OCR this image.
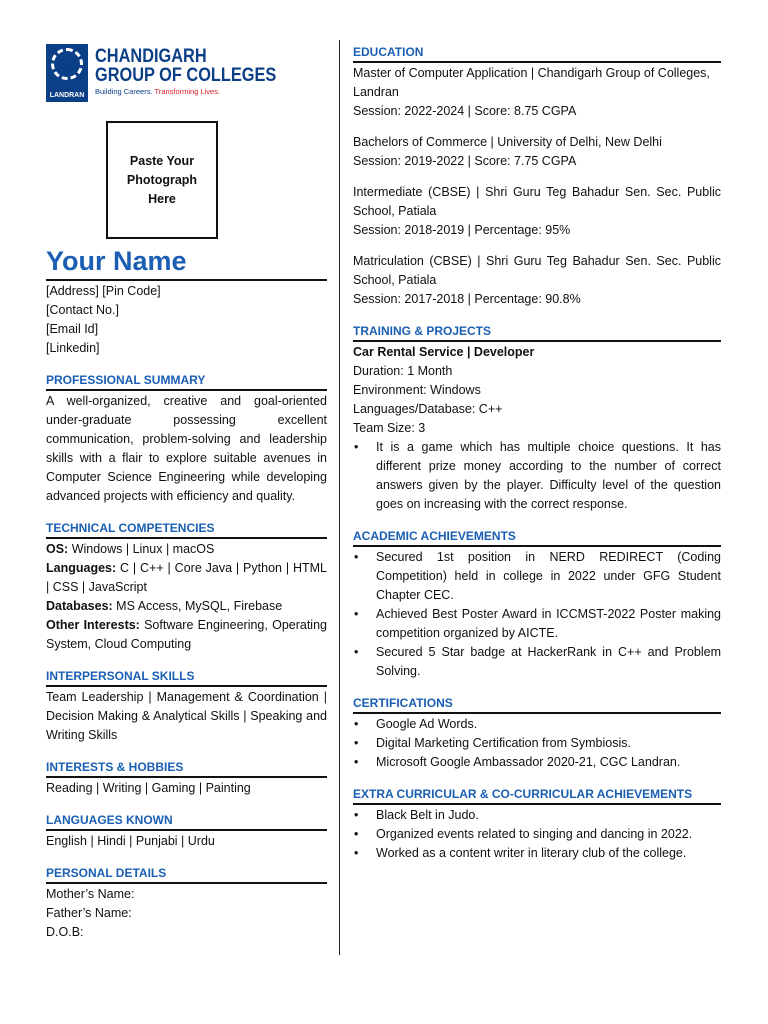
CGC
LANDRAN
CHANDIGARH
GROUP OF COLLEGES
Building Careers. Transforming Lives.
Paste Your
Photograph
Here
Your Name
[Address] [Pin Code]
[Contact No.]
[Email Id]
[Linkedin]
PROFESSIONAL SUMMARY
A well-organized, creative and goal-oriented under-graduate possessing excellent communication, problem-solving and leadership skills with a flair to explore suitable avenues in Computer Science Engineering while developing advanced projects with efficiency and quality.
TECHNICAL COMPETENCIES
OS: Windows | Linux | macOS
Languages: C | C++ | Core Java | Python | HTML | CSS | JavaScript
Databases: MS Access, MySQL, Firebase
Other Interests: Software Engineering, Operating System, Cloud Computing
INTERPERSONAL SKILLS
Team Leadership | Management & Coordination | Decision Making & Analytical Skills | Speaking and Writing Skills
INTERESTS & HOBBIES
Reading | Writing | Gaming | Painting
LANGUAGES KNOWN
English | Hindi | Punjabi | Urdu
PERSONAL DETAILS
Mother’s Name:
Father’s Name:
D.O.B:
EDUCATION
Master of Computer Application | Chandigarh Group of Colleges, Landran
Session: 2022-2024 | Score: 8.75 CGPA
Bachelors of Commerce | University of Delhi, New Delhi
Session: 2019-2022 | Score: 7.75 CGPA
Intermediate (CBSE) | Shri Guru Teg Bahadur Sen. Sec. Public School, Patiala
Session: 2018-2019 | Percentage: 95%
Matriculation (CBSE) | Shri Guru Teg Bahadur Sen. Sec. Public School, Patiala
Session: 2017-2018 | Percentage: 90.8%
TRAINING & PROJECTS
Car Rental Service | Developer
Duration: 1 Month
Environment: Windows
Languages/Database: C++
Team Size: 3
• It is a game which has multiple choice questions. It has different prize money according to the number of correct answers given by the player. Difficulty level of the question goes on increasing with the correct response.
ACADEMIC ACHIEVEMENTS
• Secured 1st position in NERD REDIRECT (Coding Competition) held in college in 2022 under GFG Student Chapter CEC.
• Achieved Best Poster Award in ICCMST-2022 Poster making competition organized by AICTE.
• Secured 5 Star badge at HackerRank in C++ and Problem Solving.
CERTIFICATIONS
• Google Ad Words.
• Digital Marketing Certification from Symbiosis.
• Microsoft Google Ambassador 2020-21, CGC Landran.
EXTRA CURRICULAR & CO-CURRICULAR ACHIEVEMENTS
• Black Belt in Judo.
• Organized events related to singing and dancing in 2022.
• Worked as a content writer in literary club of the college.
